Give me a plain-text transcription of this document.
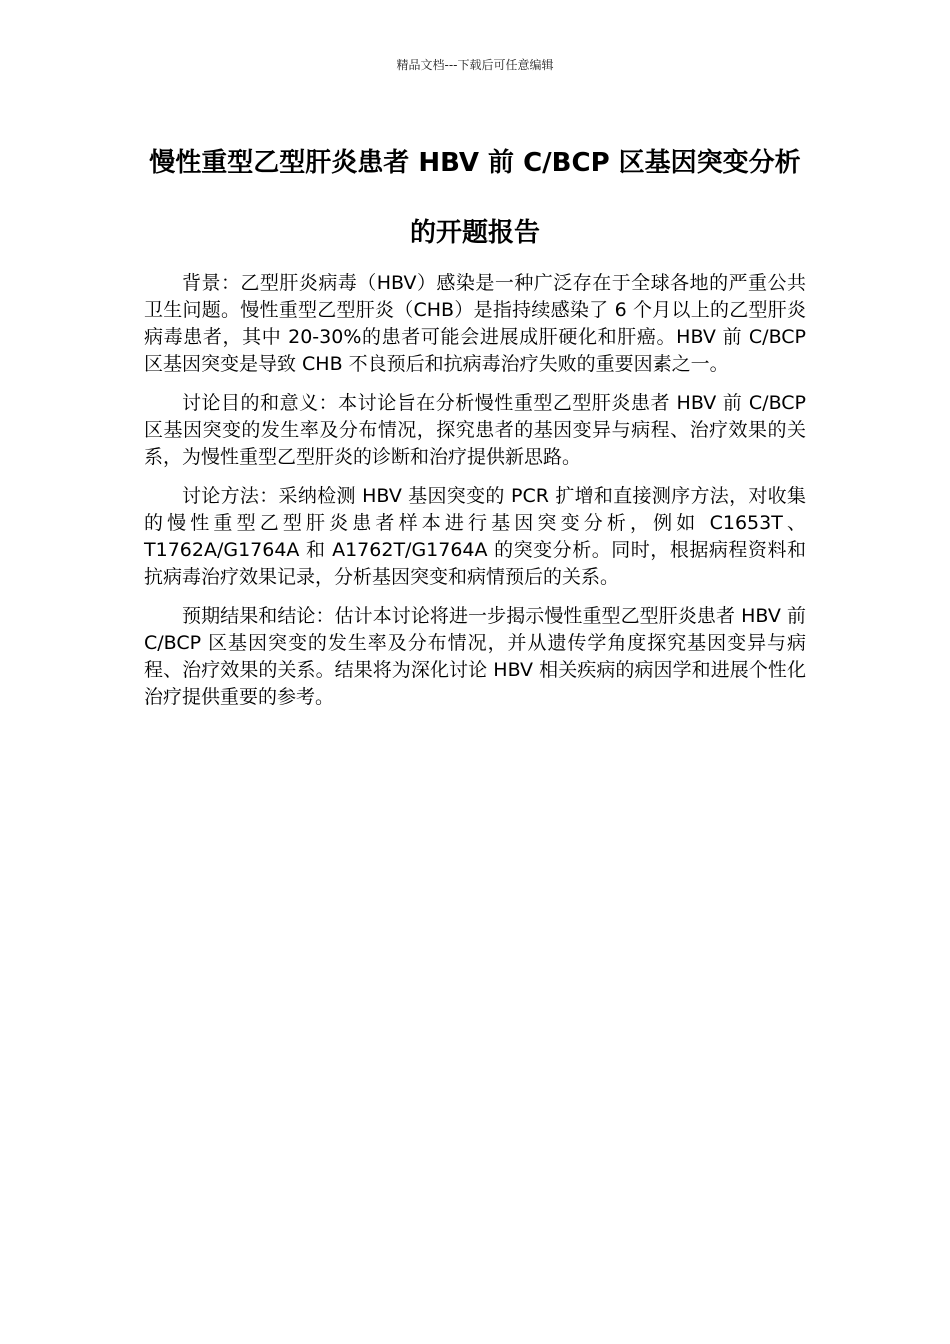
精品文档---下载后可任意编辑
慢性重型乙型肝炎患者 HBV 前 C/BCP 区基因突变分析的开题报告

背景：乙型肝炎病毒（HBV）感染是一种广泛存在于全球各地的严重公共卫生问题。慢性重型乙型肝炎（CHB）是指持续感染了 6 个月以上的乙型肝炎病毒患者，其中 20-30%的患者可能会进展成肝硬化和肝癌。HBV 前 C/BCP 区基因突变是导致 CHB 不良预后和抗病毒治疗失败的重要因素之一。

讨论目的和意义：本讨论旨在分析慢性重型乙型肝炎患者 HBV 前 C/BCP 区基因突变的发生率及分布情况，探究患者的基因变异与病程、治疗效果的关系，为慢性重型乙型肝炎的诊断和治疗提供新思路。

讨论方法：采纳检测 HBV 基因突变的 PCR 扩增和直接测序方法，对收集的慢性重型乙型肝炎患者样本进行基因突变分析，例如 C1653T、T1762A/G1764A 和 A1762T/G1764A 的突变分析。同时，根据病程资料和抗病毒治疗效果记录，分析基因突变和病情预后的关系。

预期结果和结论：估计本讨论将进一步揭示慢性重型乙型肝炎患者 HBV 前 C/BCP 区基因突变的发生率及分布情况，并从遗传学角度探究基因变异与病程、治疗效果的关系。结果将为深化讨论 HBV 相关疾病的病因学和进展个性化治疗提供重要的参考。
